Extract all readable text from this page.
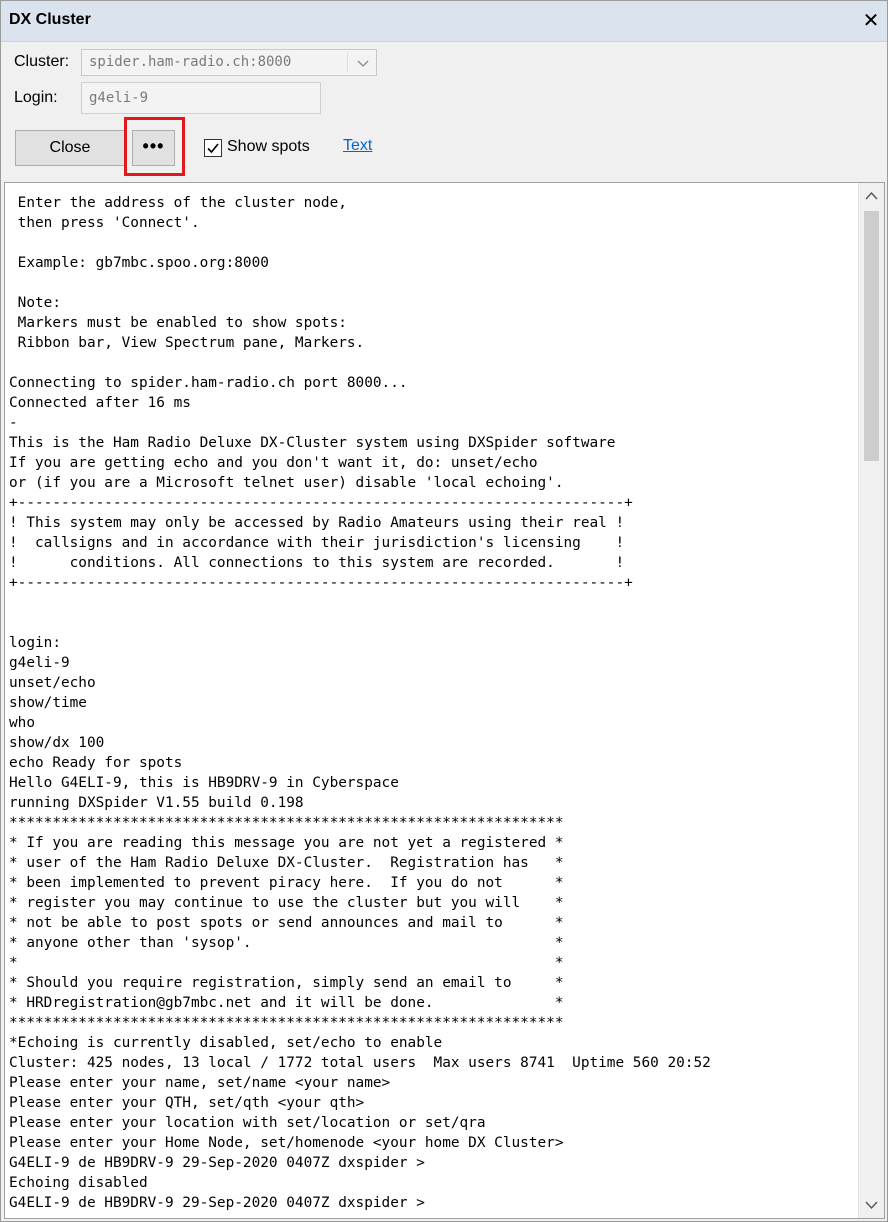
DX Cluster	✕
Cluster: spider.ham-radio.ch:8000
Login:
g4eli-9
Close	•••	Show spots Text
Enter the address of the cluster node,
then press 'Connect'.

Example: gb7mbc.spoo.org:8000

Note:
Markers must be enabled to show spots:
Ribbon bar, View Spectrum pane, Markers.

Connecting to spider.ham-radio.ch port 8000...
Connected after 16 ms
-
This is the Ham Radio Deluxe DX-Cluster system using DXSpider software
If you are getting echo and you don't want it, do: unset/echo
or (if you are a Microsoft telnet user) disable 'local echoing'.
+----------------------------------------------------------------------+
! This system may only be accessed by Radio Amateurs using their real !
!  callsigns and in accordance with their jurisdiction's licensing    !
!      conditions. All connections to this system are recorded.       !
+----------------------------------------------------------------------+

login:
g4eli-9
unset/echo
show/time
who
show/dx 100
echo Ready for spots
Hello G4ELI-9, this is HB9DRV-9 in Cyberspace
running DXSpider V1.55 build 0.198
****************************************************************
* If you are reading this message you are not yet a registered *
* user of the Ham Radio Deluxe DX-Cluster.  Registration has   *
* been implemented to prevent piracy here.  If you do not      *
* register you may continue to use the cluster but you will    *
* not be able to post spots or send announces and mail to      *
* anyone other than 'sysop'.                                   *
*                                                              *
* Should you require registration, simply send an email to     *
* HRDregistration@gb7mbc.net and it will be done.              *
****************************************************************
*Echoing is currently disabled, set/echo to enable
Cluster: 425 nodes, 13 local / 1772 total users  Max users 8741  Uptime 560 20:52
Please enter your name, set/name <your name>
Please enter your QTH, set/qth <your qth>
Please enter your location with set/location or set/qra
Please enter your Home Node, set/homenode <your home DX Cluster>
G4ELI-9 de HB9DRV-9 29-Sep-2020 0407Z dxspider >
Echoing disabled
G4ELI-9 de HB9DRV-9 29-Sep-2020 0407Z dxspider >
